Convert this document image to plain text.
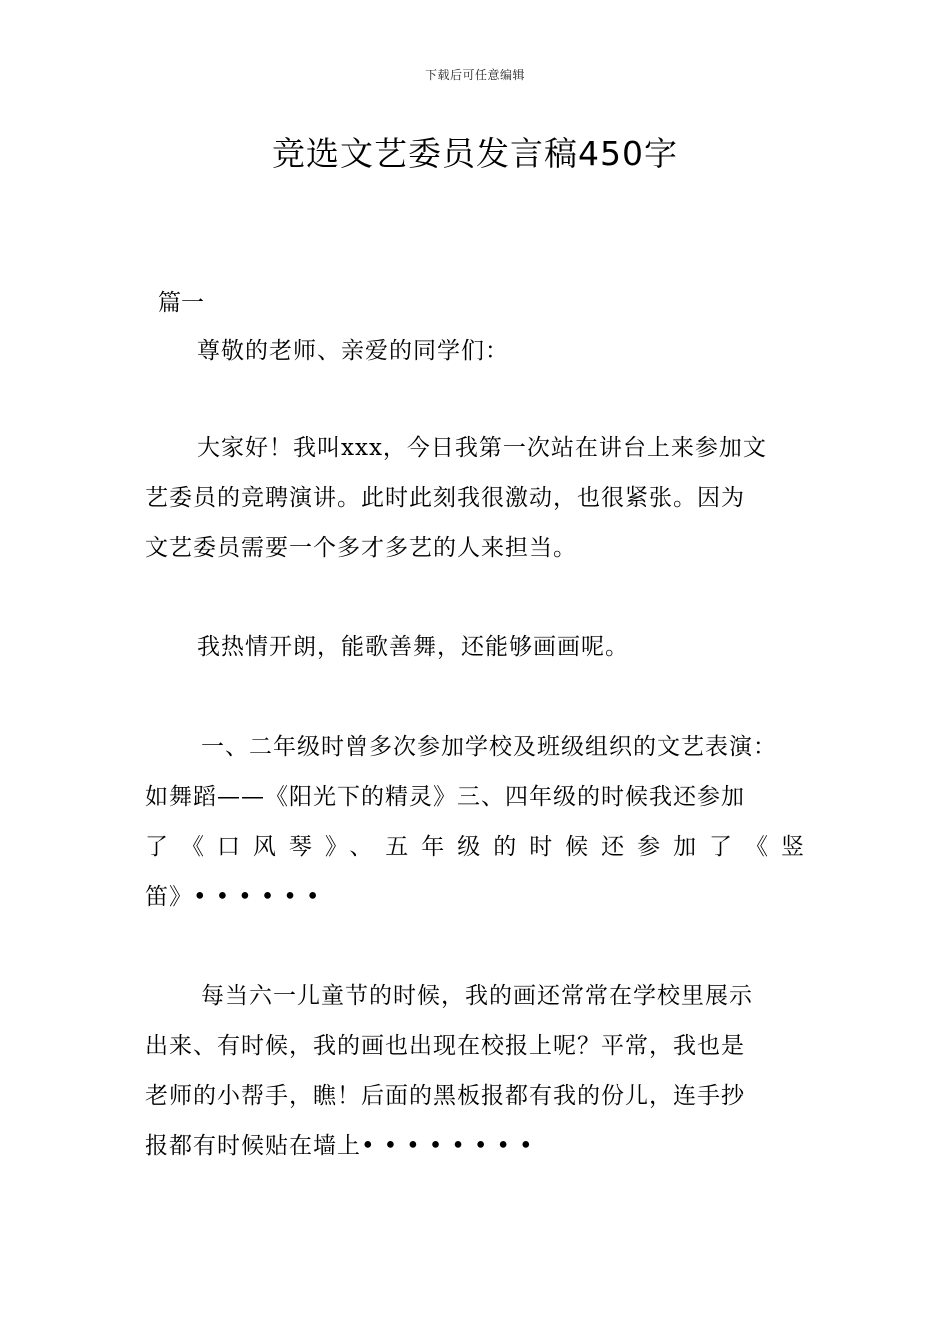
下载后可任意编辑
竞选文艺委员发言稿450字
篇一

尊敬的老师、亲爱的同学们：

大家好！我叫xxx，今日我第一次站在讲台上来参加文
艺委员的竞聘演讲。此时此刻我很激动，也很紧张。因为
文艺委员需要一个多才多艺的人来担当。

我热情开朗，能歌善舞，还能够画画呢。

一、二年级时曾多次参加学校及班级组织的文艺表演：
如舞蹈——《阳光下的精灵》三、四年级的时候我还参加
了《口风琴》、五年级的时候还参加了《竖
笛》••••••

每当六一儿童节的时候，我的画还常常在学校里展示
出来、有时候，我的画也出现在校报上呢？平常，我也是
老师的小帮手，瞧！后面的黑板报都有我的份儿，连手抄
报都有时候贴在墙上••••••••
